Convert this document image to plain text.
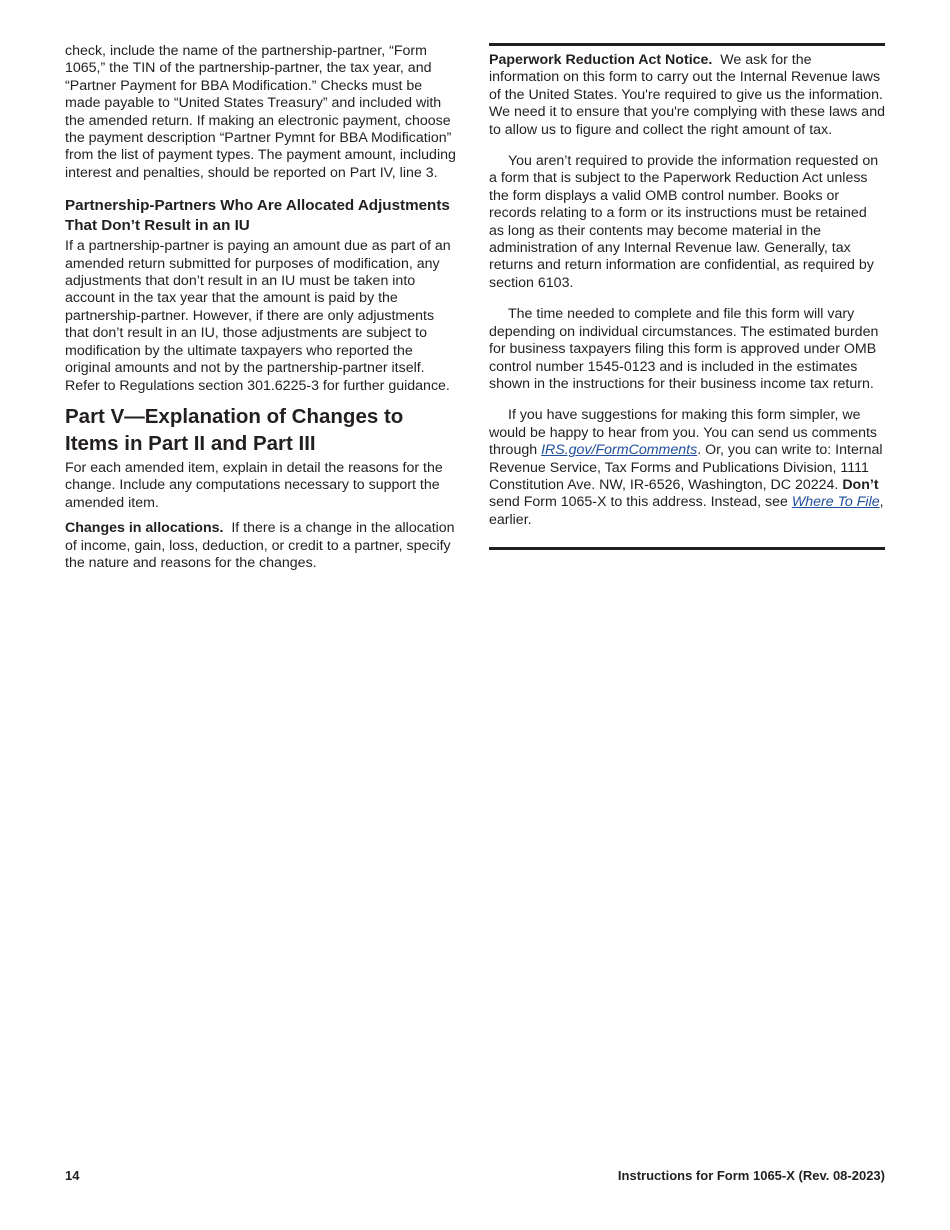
check, include the name of the partnership-partner, “Form 1065,” the TIN of the partnership-partner, the tax year, and “Partner Payment for BBA Modification.” Checks must be made payable to “United States Treasury” and included with the amended return. If making an electronic payment, choose the payment description “Partner Pymnt for BBA Modification” from the list of payment types. The payment amount, including interest and penalties, should be reported on Part IV, line 3.

Partnership-Partners Who Are Allocated Adjustments That Don’t Result in an IU

If a partnership-partner is paying an amount due as part of an amended return submitted for purposes of modification, any adjustments that don’t result in an IU must be taken into account in the tax year that the amount is paid by the partnership-partner. However, if there are only adjustments that don’t result in an IU, those adjustments are subject to modification by the ultimate taxpayers who reported the original amounts and not by the partnership-partner itself. Refer to Regulations section 301.6225-3 for further guidance.

Part V—Explanation of Changes to Items in Part II and Part III

For each amended item, explain in detail the reasons for the change. Include any computations necessary to support the amended item.

Changes in allocations. If there is a change in the allocation of income, gain, loss, deduction, or credit to a partner, specify the nature and reasons for the changes.

Paperwork Reduction Act Notice. We ask for the information on this form to carry out the Internal Revenue laws of the United States. You're required to give us the information. We need it to ensure that you're complying with these laws and to allow us to figure and collect the right amount of tax.

You aren’t required to provide the information requested on a form that is subject to the Paperwork Reduction Act unless the form displays a valid OMB control number. Books or records relating to a form or its instructions must be retained as long as their contents may become material in the administration of any Internal Revenue law. Generally, tax returns and return information are confidential, as required by section 6103.

The time needed to complete and file this form will vary depending on individual circumstances. The estimated burden for business taxpayers filing this form is approved under OMB control number 1545-0123 and is included in the estimates shown in the instructions for their business income tax return.

If you have suggestions for making this form simpler, we would be happy to hear from you. You can send us comments through IRS.gov/FormComments. Or, you can write to: Internal Revenue Service, Tax Forms and Publications Division, 1111 Constitution Ave. NW, IR-6526, Washington, DC 20224. Don’t send Form 1065-X to this address. Instead, see Where To File, earlier.

14	Instructions for Form 1065-X (Rev. 08-2023)
